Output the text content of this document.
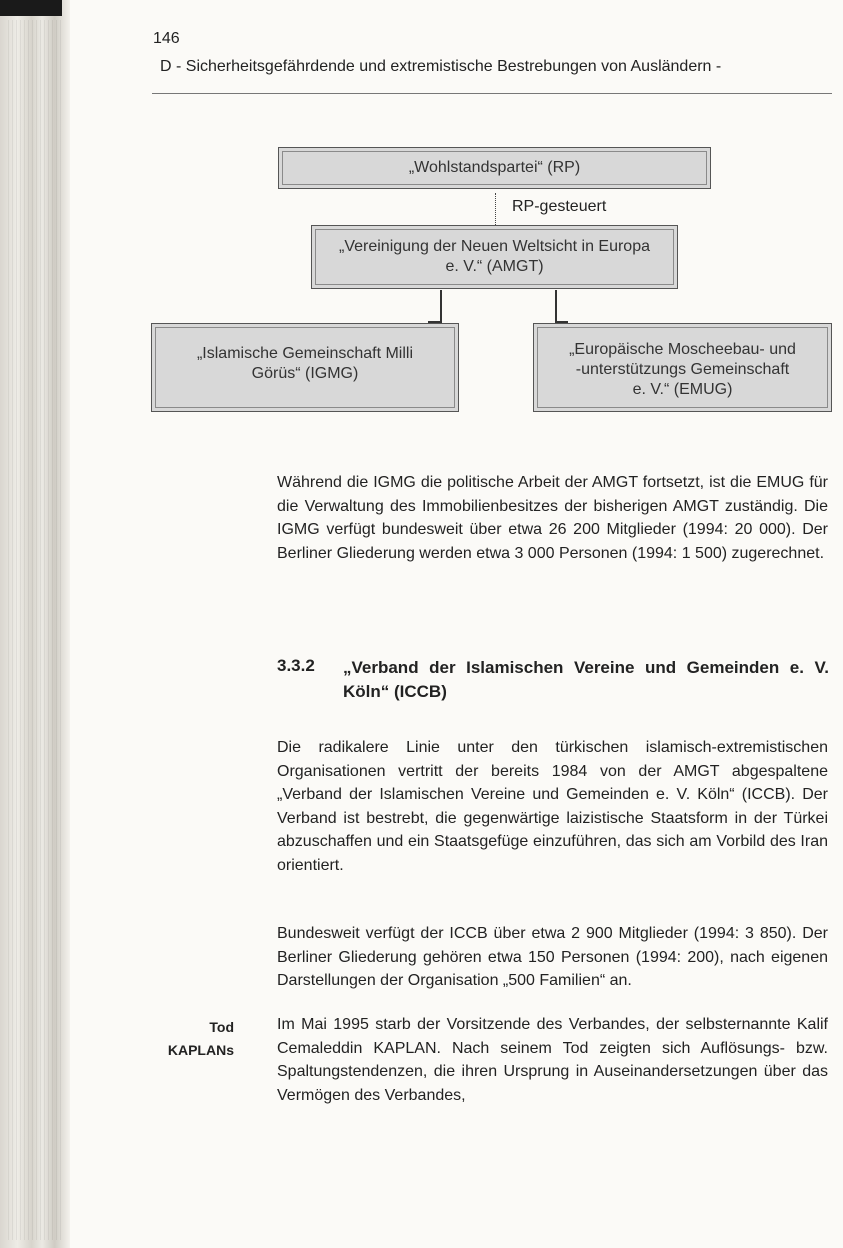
146
D - Sicherheitsgefährdende und extremistische Bestrebungen von Ausländern -
„Wohlstandspartei“ (RP)
RP-gesteuert
„Vereinigung der Neuen Weltsicht in Europa
e. V.“ (AMGT)
„Islamische Gemeinschaft Milli
Görüs“ (IGMG)
„Europäische Moscheebau- und
-unterstützungs Gemeinschaft
e. V.“ (EMUG)

Während die IGMG die politische Arbeit der AMGT fortsetzt, ist die EMUG für die Verwaltung des Immobilienbesitzes der bisherigen AMGT zuständig. Die IGMG verfügt bundesweit über etwa 26 200 Mitglieder (1994: 20 000). Der Berliner Gliederung werden etwa 3 000 Personen (1994: 1 500) zugerechnet.

3.3.2 „Verband der Islamischen Vereine und Gemeinden e. V. Köln“ (ICCB)

Die radikalere Linie unter den türkischen islamisch-extremistischen Organisationen vertritt der bereits 1984 von der AMGT abgespaltene „Verband der Islamischen Vereine und Gemeinden e. V. Köln“ (ICCB). Der Verband ist bestrebt, die gegenwärtige laizistische Staatsform in der Türkei abzuschaffen und ein Staatsgefüge einzuführen, das sich am Vorbild des Iran orientiert.

Bundesweit verfügt der ICCB über etwa 2 900 Mitglieder (1994: 3 850). Der Berliner Gliederung gehören etwa 150 Personen (1994: 200), nach eigenen Darstellungen der Organisation „500 Familien“ an.

Tod
KAPLANs

Im Mai 1995 starb der Vorsitzende des Verbandes, der selbsternannte Kalif Cemaleddin KAPLAN. Nach seinem Tod zeigten sich Auflösungs- bzw. Spaltungstendenzen, die ihren Ursprung in Auseinandersetzungen über das Vermögen des Verbandes,
